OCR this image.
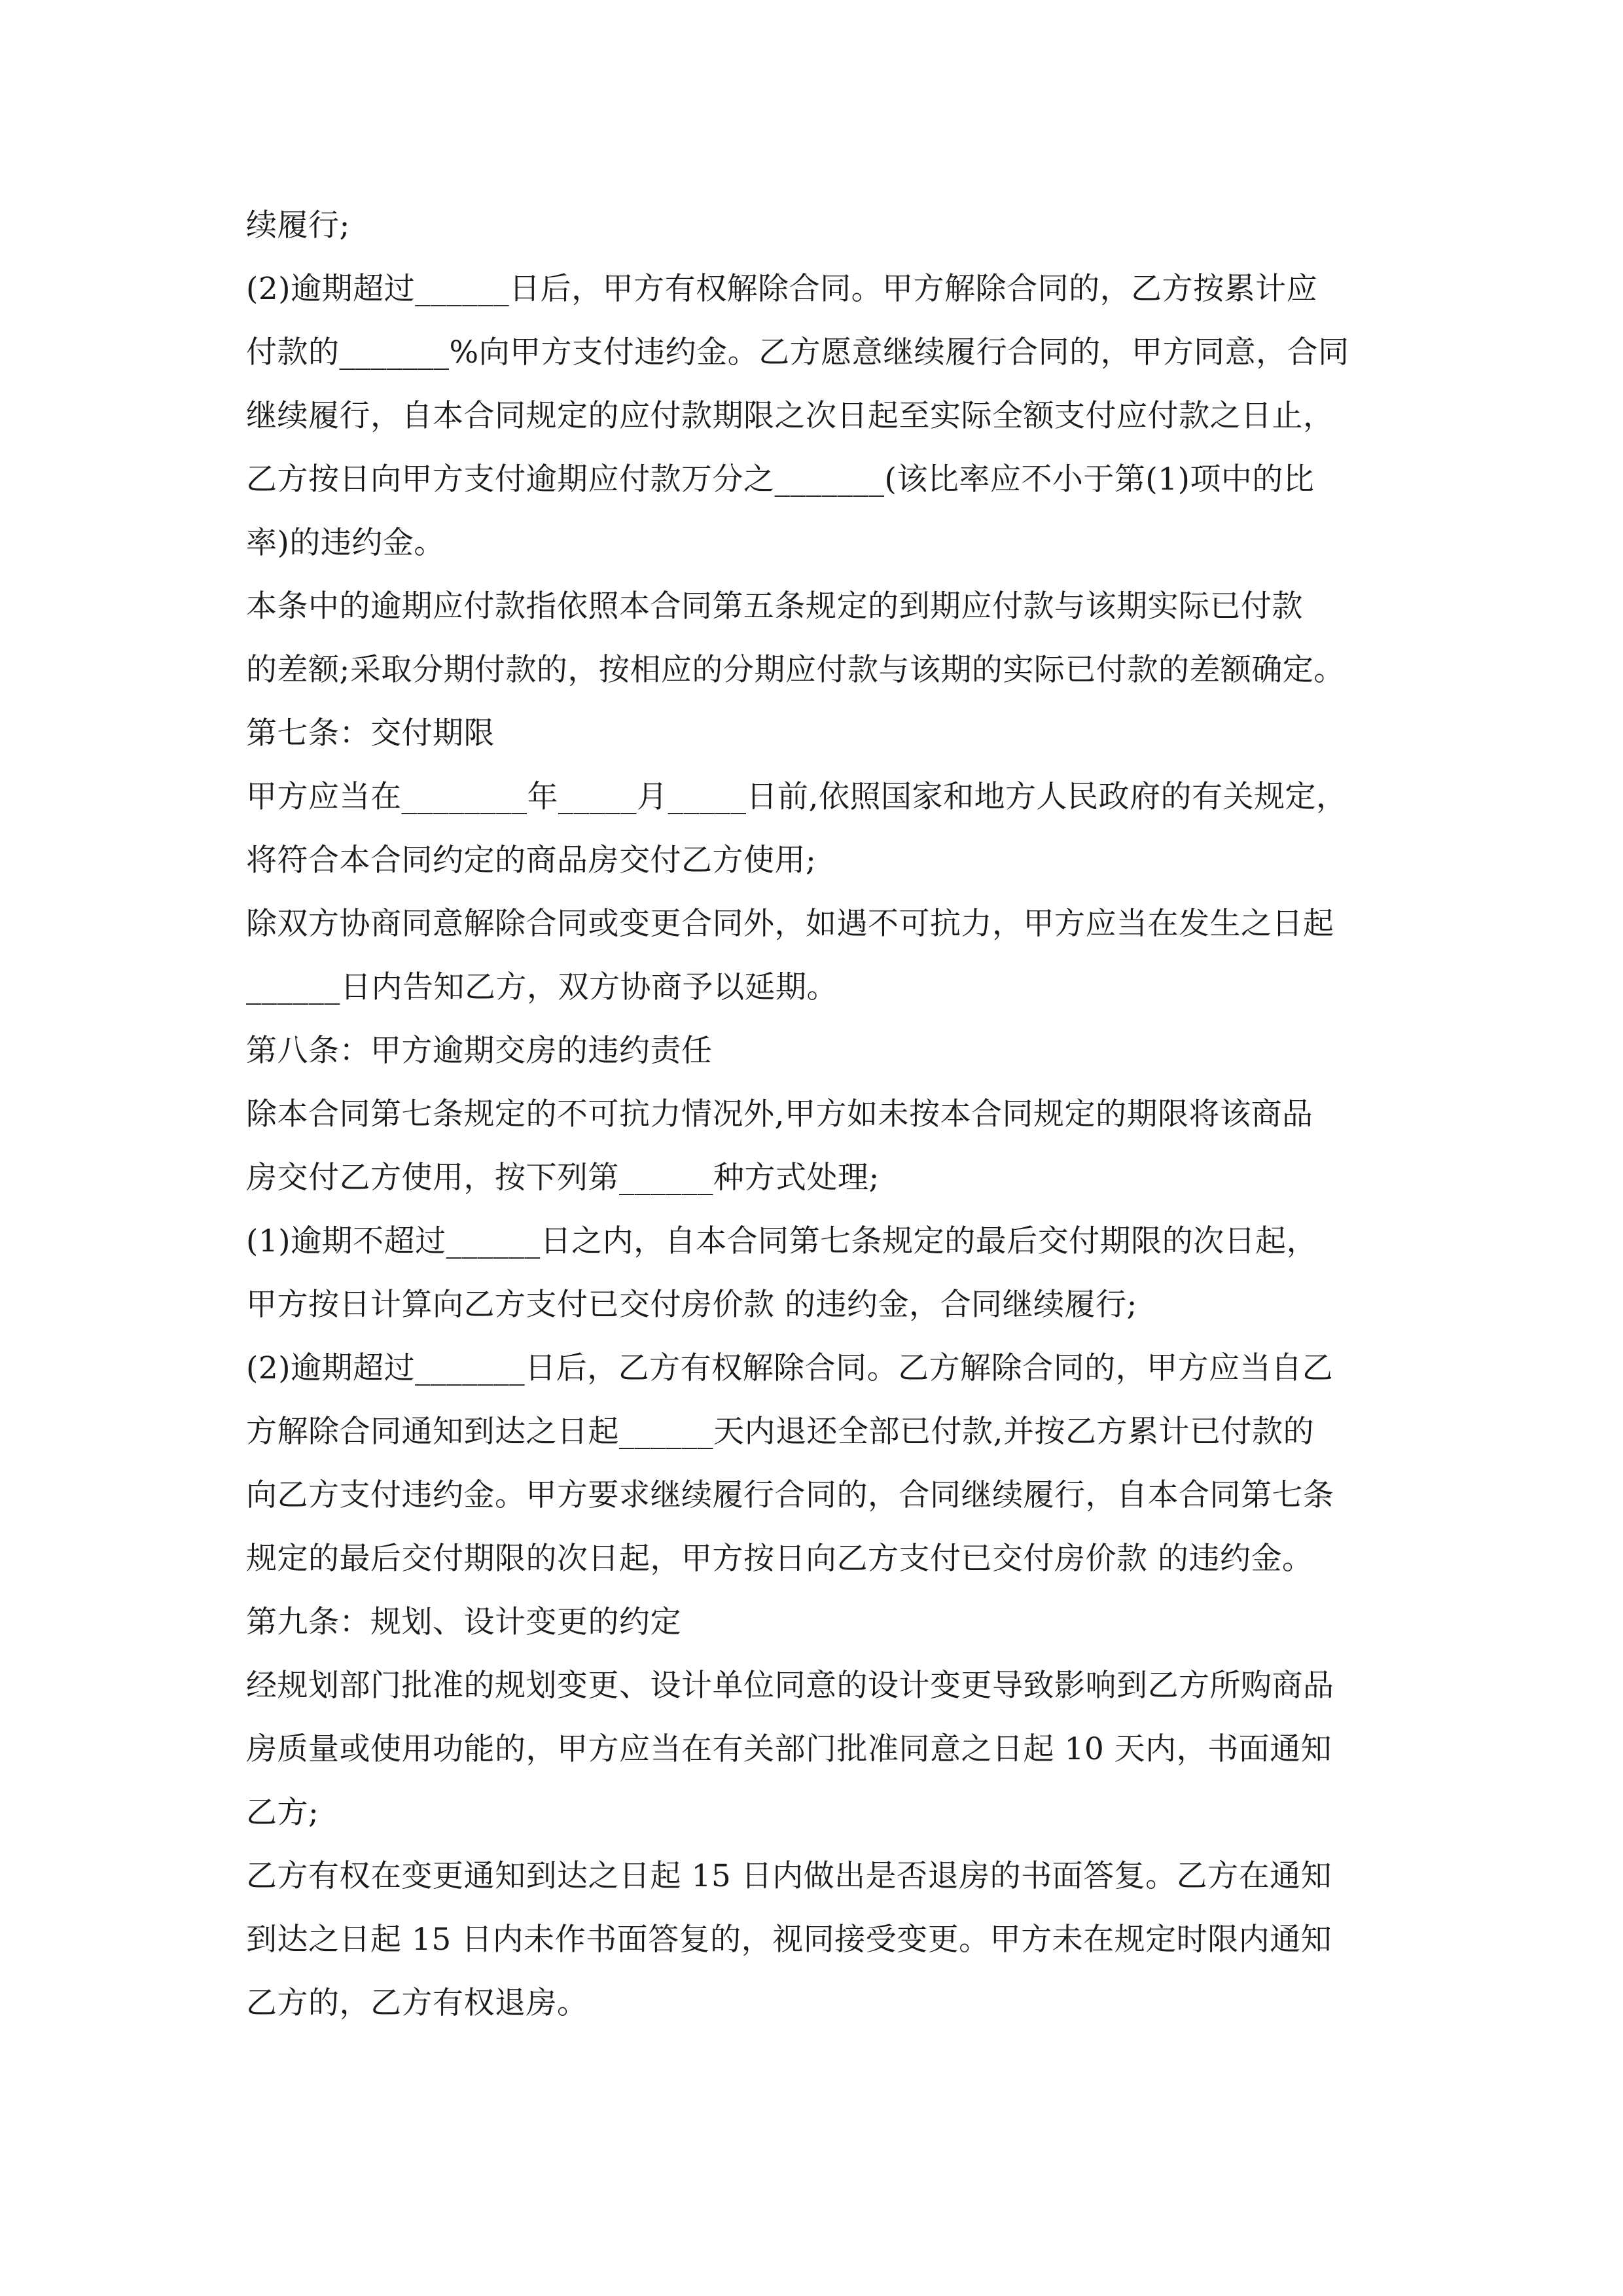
续履行;
(2)逾期超过______日后，甲方有权解除合同。甲方解除合同的，乙方按累计应
付款的_______%向甲方支付违约金。乙方愿意继续履行合同的，甲方同意，合同
继续履行，自本合同规定的应付款期限之次日起至实际全额支付应付款之日止，
乙方按日向甲方支付逾期应付款万分之_______(该比率应不小于第(1)项中的比
率)的违约金。
本条中的逾期应付款指依照本合同第五条规定的到期应付款与该期实际已付款
的差额;采取分期付款的，按相应的分期应付款与该期的实际已付款的差额确定。
第七条：交付期限
甲方应当在________年_____月_____日前,依照国家和地方人民政府的有关规定，
将符合本合同约定的商品房交付乙方使用;
除双方协商同意解除合同或变更合同外，如遇不可抗力，甲方应当在发生之日起
______日内告知乙方，双方协商予以延期。
第八条：甲方逾期交房的违约责任
除本合同第七条规定的不可抗力情况外,甲方如未按本合同规定的期限将该商品
房交付乙方使用，按下列第______种方式处理;
(1)逾期不超过______日之内，自本合同第七条规定的最后交付期限的次日起，
甲方按日计算向乙方支付已交付房价款 的违约金，合同继续履行;
(2)逾期超过_______日后，乙方有权解除合同。乙方解除合同的，甲方应当自乙
方解除合同通知到达之日起______天内退还全部已付款,并按乙方累计已付款的
向乙方支付违约金。甲方要求继续履行合同的，合同继续履行，自本合同第七条
规定的最后交付期限的次日起，甲方按日向乙方支付已交付房价款 的违约金。
第九条：规划、设计变更的约定
经规划部门批准的规划变更、设计单位同意的设计变更导致影响到乙方所购商品
房质量或使用功能的，甲方应当在有关部门批准同意之日起 10 天内，书面通知
乙方;
乙方有权在变更通知到达之日起 15 日内做出是否退房的书面答复。乙方在通知
到达之日起 15 日内未作书面答复的，视同接受变更。甲方未在规定时限内通知
乙方的，乙方有权退房。
